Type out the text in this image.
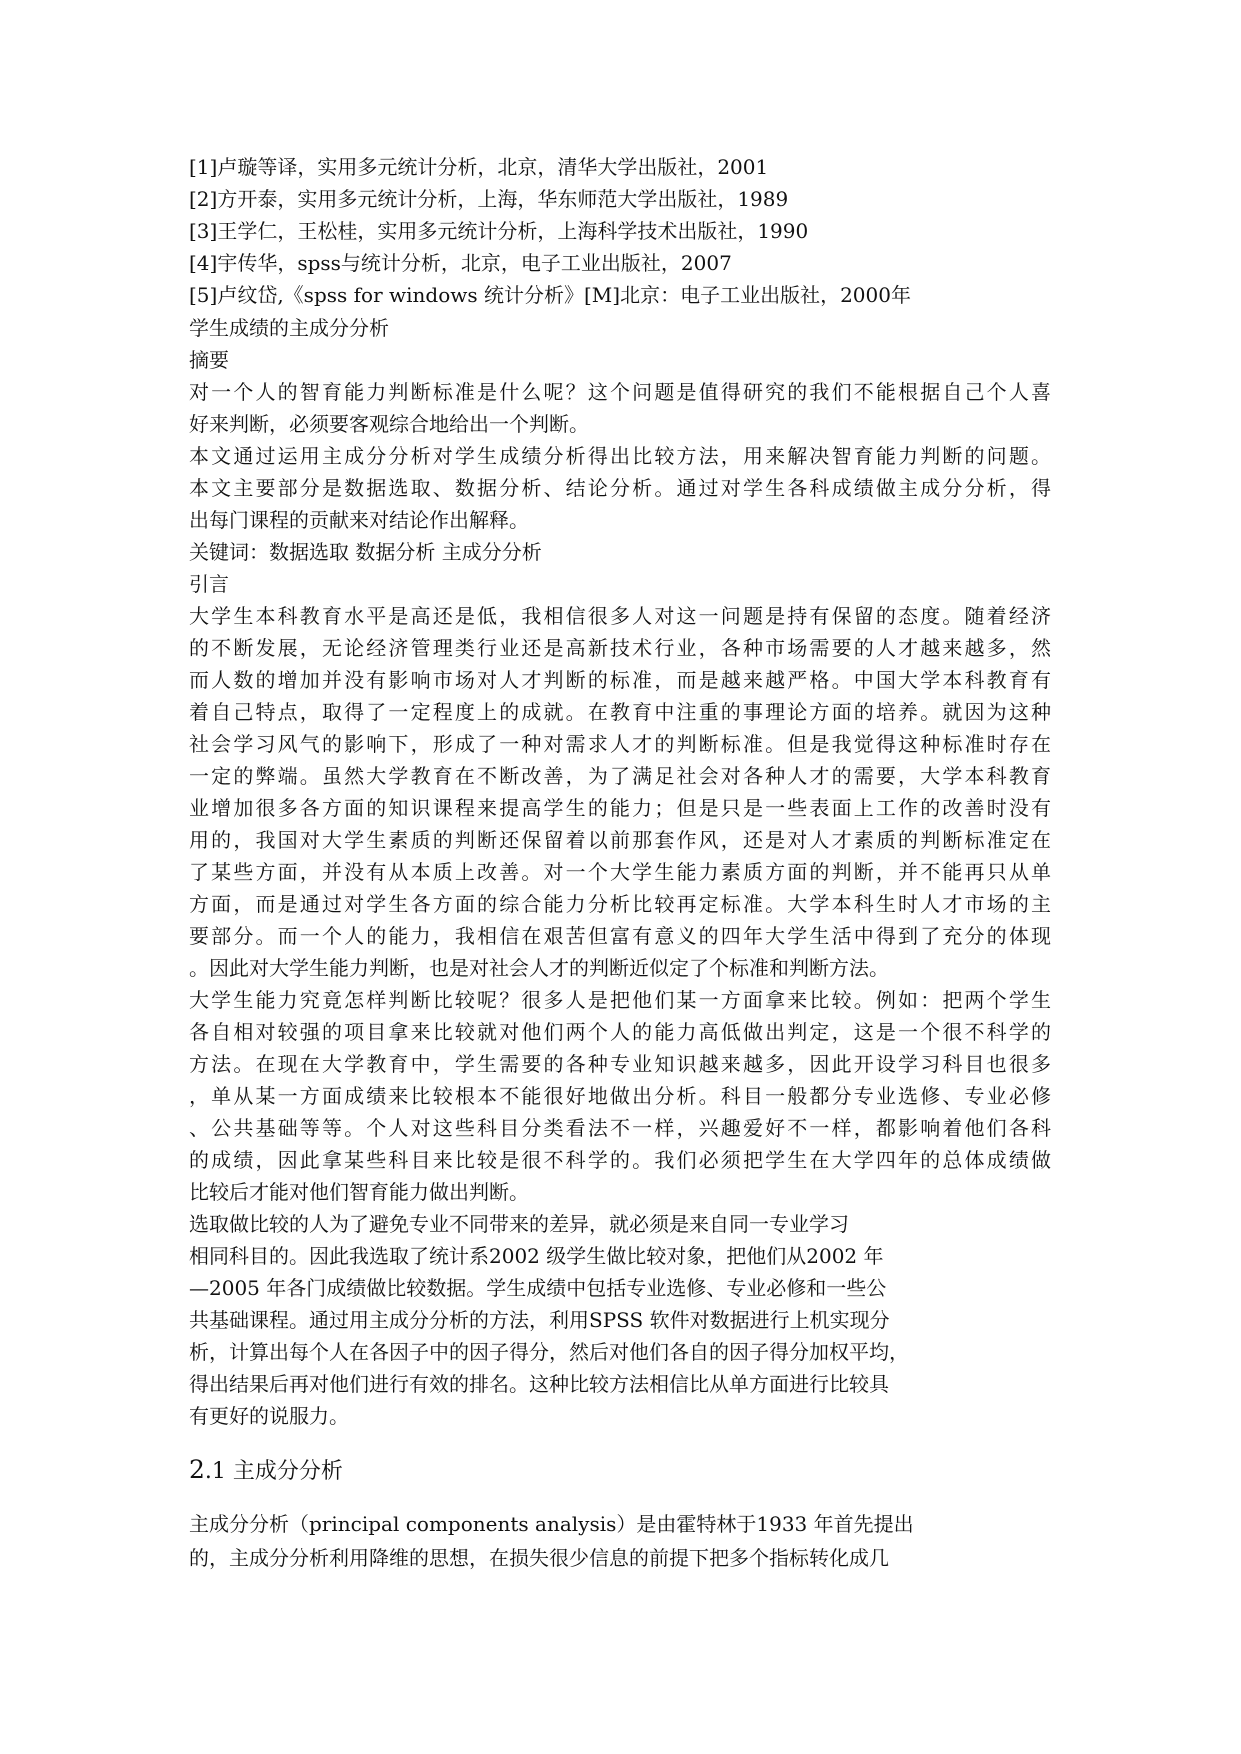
[1]卢璇等译，实用多元统计分析，北京，清华大学出版社，2001

[2]方开泰，实用多元统计分析，上海，华东师范大学出版社，1989

[3]王学仁，王松桂，实用多元统计分析，上海科学技术出版社，1990

[4]宇传华，spss与统计分析，北京，电子工业出版社，2007

[5]卢纹岱,《spss for windows 统计分析》[M]北京：电子工业出版社，2000年

学生成绩的主成分分析

摘要

对一个人的智育能力判断标准是什么呢？这个问题是值得研究的我们不能根据自己个人喜

好来判断，必须要客观综合地给出一个判断。

本文通过运用主成分分析对学生成绩分析得出比较方法，用来解决智育能力判断的问题。

本文主要部分是数据选取、数据分析、结论分析。通过对学生各科成绩做主成分分析，得

出每门课程的贡献来对结论作出解释。

关键词：数据选取 数据分析 主成分分析

引言

大学生本科教育水平是高还是低，我相信很多人对这一问题是持有保留的态度。随着经济

的不断发展，无论经济管理类行业还是高新技术行业，各种市场需要的人才越来越多，然

而人数的增加并没有影响市场对人才判断的标准，而是越来越严格。中国大学本科教育有

着自己特点，取得了一定程度上的成就。在教育中注重的事理论方面的培养。就因为这种

社会学习风气的影响下，形成了一种对需求人才的判断标准。但是我觉得这种标准时存在

一定的弊端。虽然大学教育在不断改善，为了满足社会对各种人才的需要，大学本科教育

业增加很多各方面的知识课程来提高学生的能力；但是只是一些表面上工作的改善时没有

用的，我国对大学生素质的判断还保留着以前那套作风，还是对人才素质的判断标准定在

了某些方面，并没有从本质上改善。对一个大学生能力素质方面的判断，并不能再只从单

方面，而是通过对学生各方面的综合能力分析比较再定标准。大学本科生时人才市场的主

要部分。而一个人的能力，我相信在艰苦但富有意义的四年大学生活中得到了充分的体现

。因此对大学生能力判断，也是对社会人才的判断近似定了个标准和判断方法。

大学生能力究竟怎样判断比较呢？很多人是把他们某一方面拿来比较。例如：把两个学生

各自相对较强的项目拿来比较就对他们两个人的能力高低做出判定，这是一个很不科学的

方法。在现在大学教育中，学生需要的各种专业知识越来越多，因此开设学习科目也很多

，单从某一方面成绩来比较根本不能很好地做出分析。科目一般都分专业选修、专业必修

、公共基础等等。个人对这些科目分类看法不一样，兴趣爱好不一样，都影响着他们各科

的成绩，因此拿某些科目来比较是很不科学的。我们必须把学生在大学四年的总体成绩做

比较后才能对他们智育能力做出判断。

选取做比较的人为了避免专业不同带来的差异，就必须是来自同一专业学习

相同科目的。因此我选取了统计系2002 级学生做比较对象，把他们从2002 年

—2005 年各门成绩做比较数据。学生成绩中包括专业选修、专业必修和一些公

共基础课程。通过用主成分分析的方法，利用SPSS 软件对数据进行上机实现分

析，计算出每个人在各因子中的因子得分，然后对他们各自的因子得分加权平均，

得出结果后再对他们进行有效的排名。这种比较方法相信比从单方面进行比较具

有更好的说服力。

2.1 主成分分析

主成分分析（principal components analysis）是由霍特林于1933 年首先提出

的，主成分分析利用降维的思想，在损失很少信息的前提下把多个指标转化成几
